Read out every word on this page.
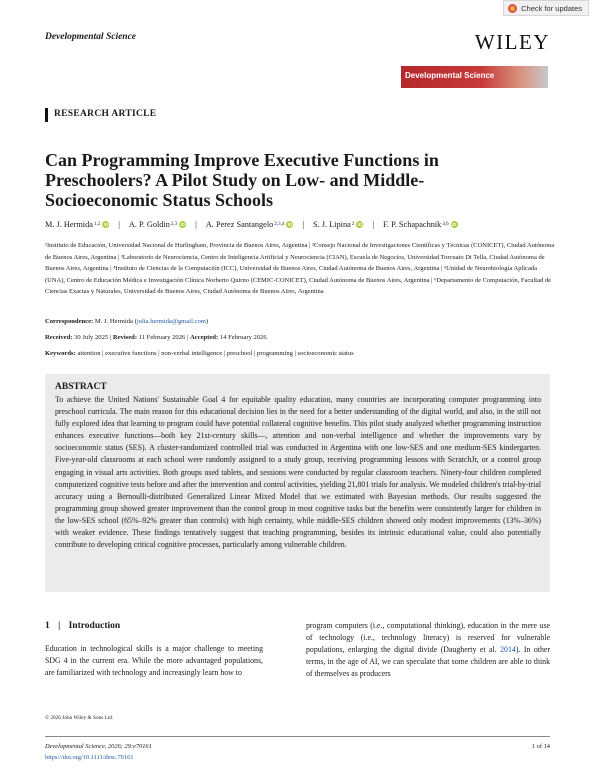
Check for updates
Developmental Science	WILEY
Developmental Science
RESEARCH ARTICLE
Can Programming Improve Executive Functions in Preschoolers? A Pilot Study on Low- and Middle-Socioeconomic Status Schools
M. J. Hermida 1,2 iD | A. P. Goldin 2,3 iD | A. Perez Santangelo 2,3,4 iD | S. J. Lipina 2 iD | F. P. Schapachnik 4,6 iD

¹Instituto de Educación, Universidad Nacional de Hurlingham, Provincia de Buenos Aires, Argentina | ²Consejo Nacional de Investigaciones Científicas y Técnicas (CONICET), Ciudad Autónoma de Buenos Aires, Argentina | ³Laboratorio de Neurociencia, Centro de Inteligencia Artificial y Neurociencia (CIAN), Escuela de Negocios, Universidad Torcuato Di Tella, Ciudad Autónoma de Buenos Aires, Argentina | ⁴Instituto de Ciencias de la Computación (ICC), Universidad de Buenos Aires, Ciudad Autónoma de Buenos Aires, Argentina | ⁵Unidad de Neurobiología Aplicada (UNA), Centro de Educación Médica e Investigación Clínica Norberto Quirno (CEMIC-CONICET), Ciudad Autónoma de Buenos Aires, Argentina | ⁶Departamento de Computación, Facultad de Ciencias Exactas y Naturales, Universidad de Buenos Aires, Ciudad Autónoma de Buenos Aires, Argentina

Correspondence: M. J. Hermida (julia.hermida@gmail.com)
Received: 30 July 2025 | Revised: 11 February 2026 | Accepted: 14 February 2026
Keywords: attention | executive functions | non-verbal intelligence | preschool | programming | socioeconomic status
ABSTRACT

To achieve the United Nations' Sustainable Goal 4 for equitable quality education, many countries are incorporating computer programming into preschool curricula. The main reason for this educational decision lies in the need for a better understanding of the digital world, and also, in the still not fully explored idea that learning to program could have potential collateral cognitive benefits. This pilot study analyzed whether programming instruction enhances executive functions—both key 21st-century skills—, attention and non-verbal intelligence and whether the improvements vary by socioeconomic status (SES). A cluster-randomized controlled trial was conducted in Argentina with one low-SES and one medium-SES kindergarten. Five-year-old classrooms at each school were randomly assigned to a study group, receiving programming lessons with ScratchJr, or a control group engaging in visual arts activities. Both groups used tablets, and sessions were conducted by regular classroom teachers. Ninety-four children completed computerized cognitive tests before and after the intervention and control activities, yielding 21,801 trials for analysis. We modeled children's trial-by-trial accuracy using a Bernoulli-distributed Generalized Linear Mixed Model that we estimated with Bayesian methods. Our results suggested the programming group showed greater improvement than the control group in most cognitive tasks but the benefits were consistently larger for children in the low-SES school (65%–92% greater than controls) with high certainty, while middle-SES children showed only modest improvements (13%–36%) with weaker evidence. These findings tentatively suggest that teaching programming, besides its intrinsic educational value, could also potentially contribute to developing critical cognitive processes, particularly among vulnerable children.

1 | Introduction

Education in technological skills is a major challenge to meeting SDG 4 in the current era. While the more advantaged populations, are familiarized with technology and increasingly learn how to

program computers (i.e., computational thinking), education in the mere use of technology (i.e., technology literacy) is reserved for vulnerable populations, enlarging the digital divide (Daugherty et al. 2014). In other terms, in the age of AI, we can speculate that some children are able to think of themselves as producers

© 2026 John Wiley & Sons Ltd.
Developmental Science, 2026; 29:e70161
https://doi.org/10.1111/desc.70161
1 of 14
